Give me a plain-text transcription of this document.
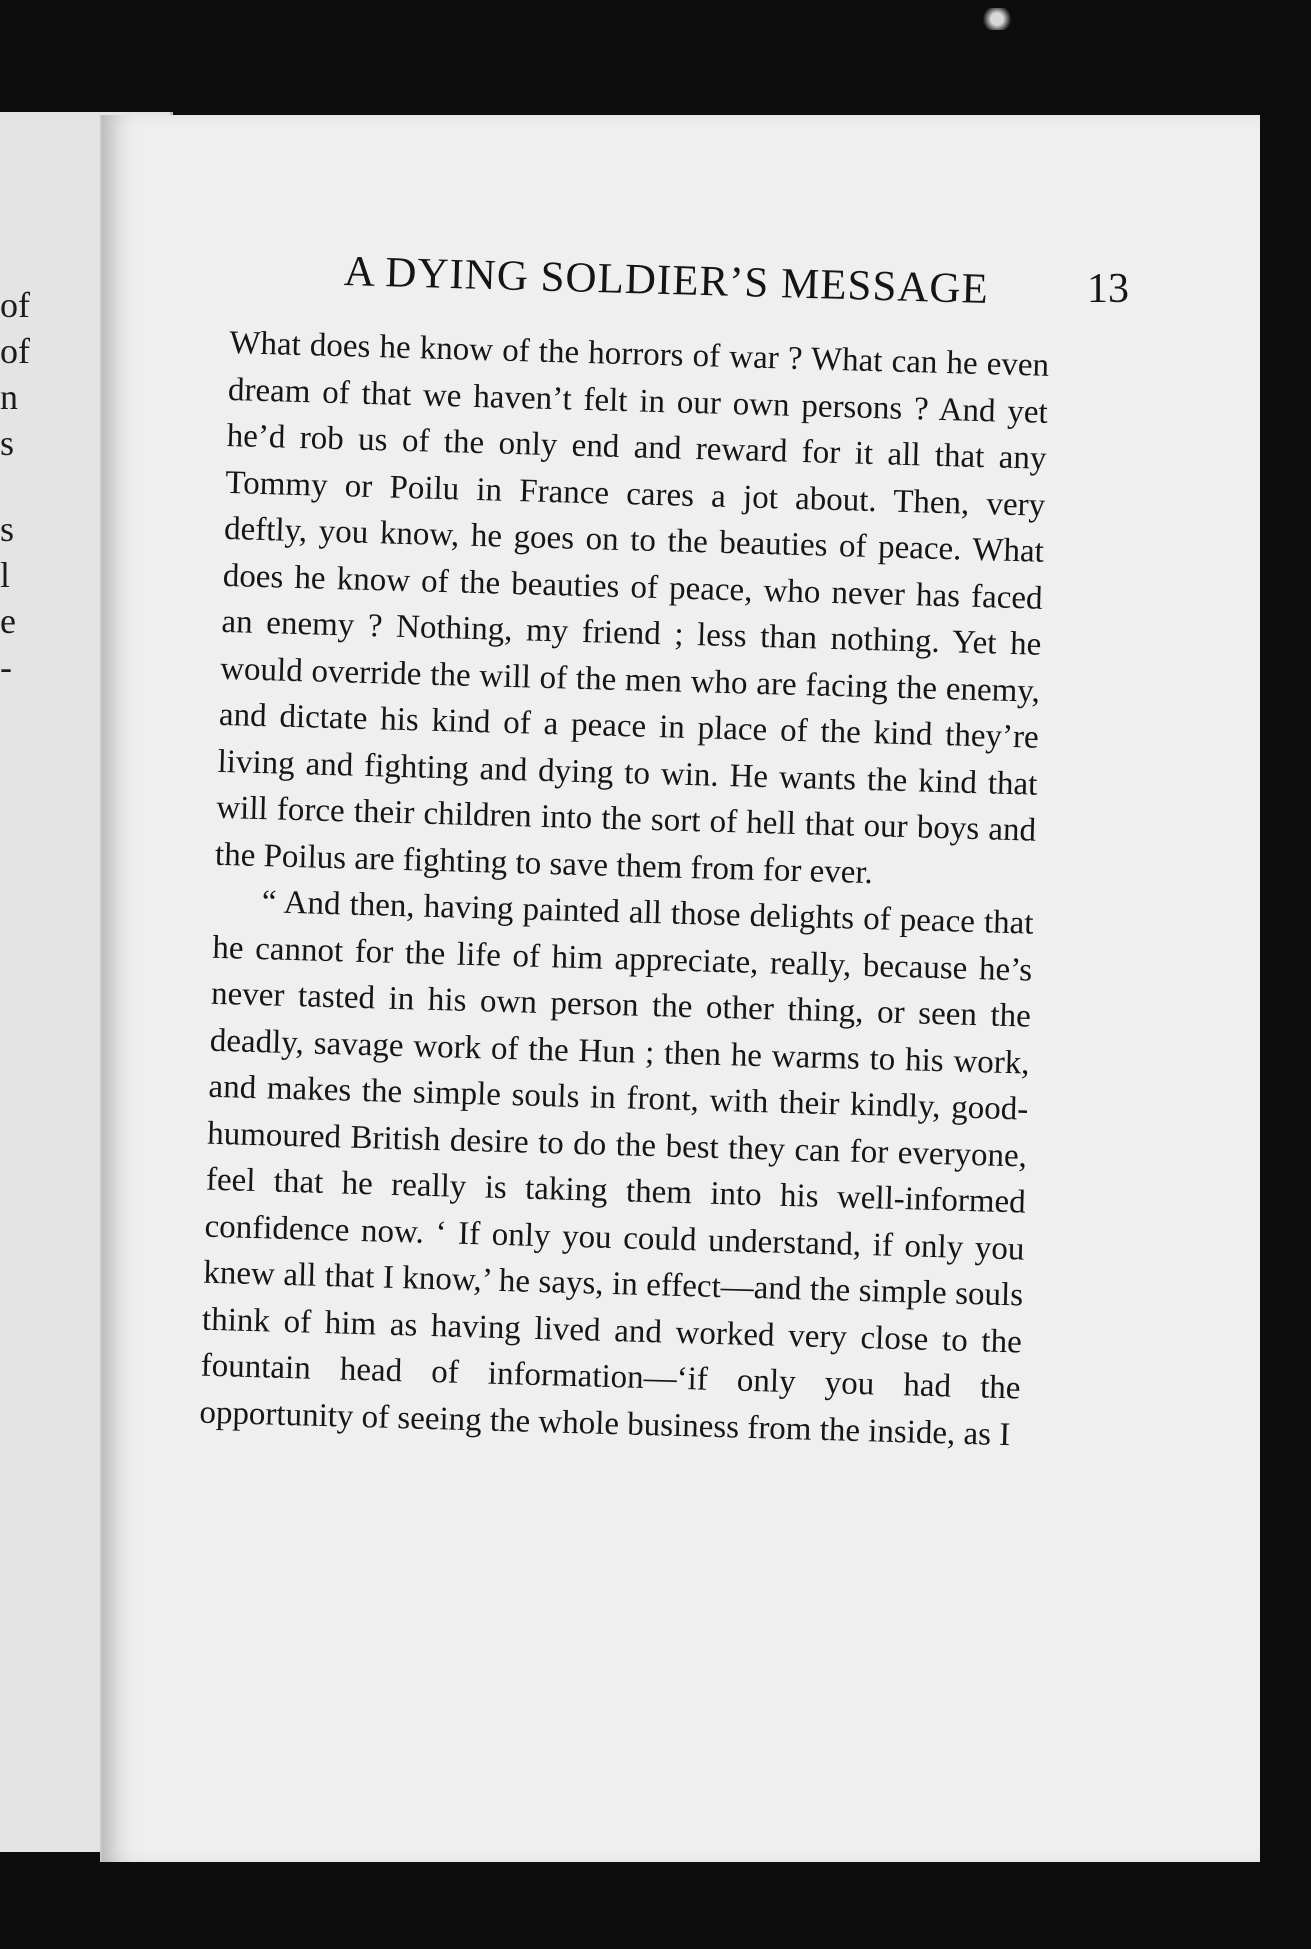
of
of
n
s
s
l
e
-
A DYING SOLDIER’S MESSAGE 13

What does he know of the horrors of war ? What can he even dream of that we haven’t felt in our own persons ? And yet he’d rob us of the only end and reward for it all that any Tommy or Poilu in France cares a jot about. Then, very deftly, you know, he goes on to the beauties of peace. What does he know of the beauties of peace, who never has faced an enemy ? Nothing, my friend ; less than nothing. Yet he would override the will of the men who are facing the enemy, and dictate his kind of a peace in place of the kind they’re living and fighting and dying to win. He wants the kind that will force their children into the sort of hell that our boys and the Poilus are fighting to save them from for ever.

“ And then, having painted all those delights of peace that he cannot for the life of him appreciate, really, because he’s never tasted in his own person the other thing, or seen the deadly, savage work of the Hun ; then he warms to his work, and makes the simple souls in front, with their kindly, good-humoured British desire to do the best they can for everyone, feel that he really is taking them into his well-informed confidence now. ‘ If only you could understand, if only you knew all that I know,’ he says, in effect—and the simple souls think of him as having lived and worked very close to the fountain head of information—‘if only you had the opportunity of seeing the whole business from the inside, as I
